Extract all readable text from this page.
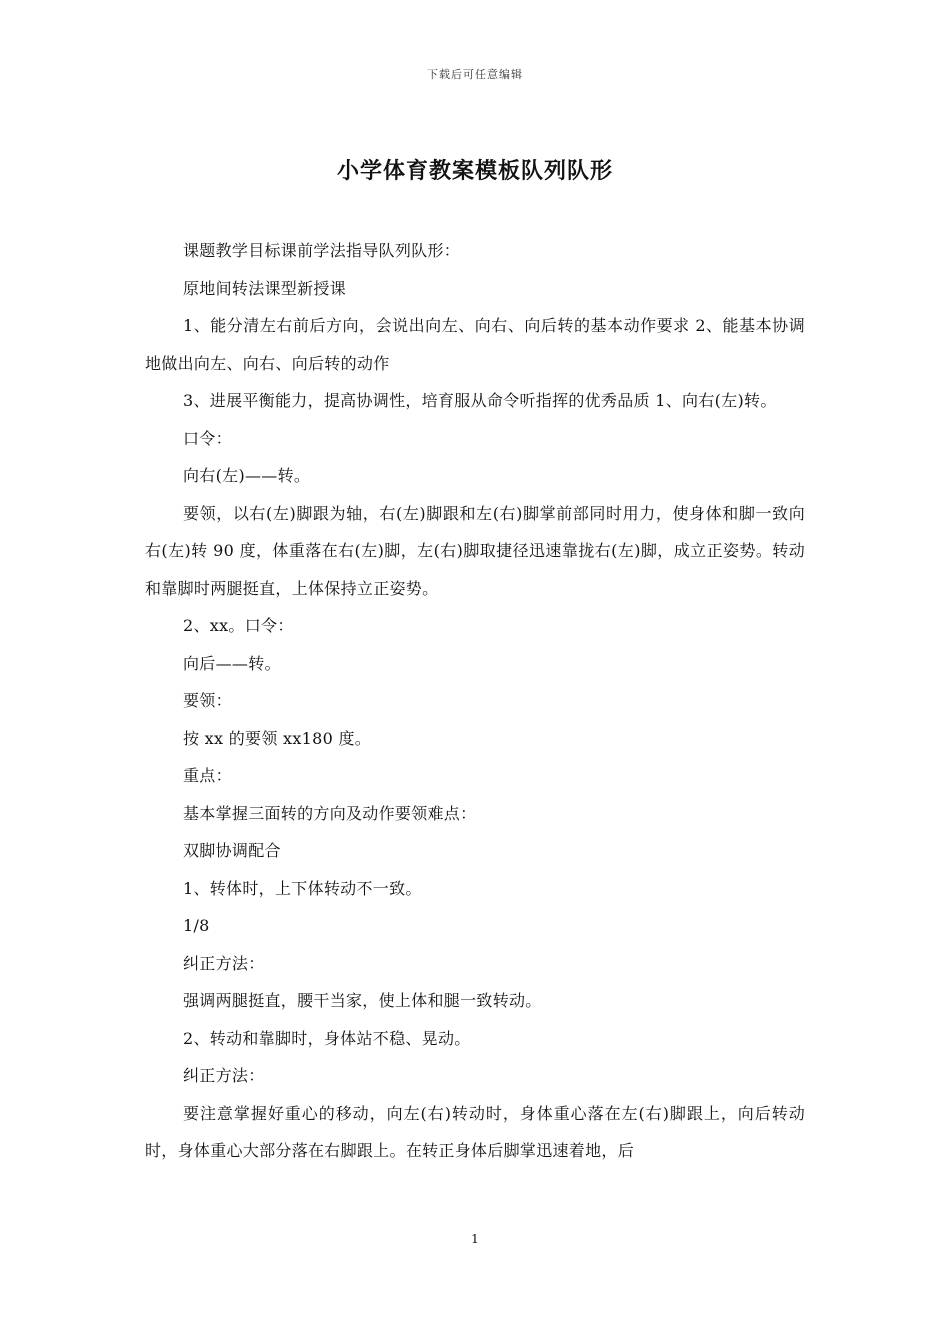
下载后可任意编辑
小学体育教案模板队列队形

课题教学目标课前学法指导队列队形：

原地间转法课型新授课

1、能分清左右前后方向，会说出向左、向右、向后转的基本动作要求 2、能基本协调地做出向左、向右、向后转的动作

3、进展平衡能力，提高协调性，培育服从命令听指挥的优秀品质 1、向右(左)转。

口令：

向右(左)——转。

要领，以右(左)脚跟为轴，右(左)脚跟和左(右)脚掌前部同时用力，使身体和脚一致向右(左)转 90 度，体重落在右(左)脚，左(右)脚取捷径迅速靠拢右(左)脚，成立正姿势。转动和靠脚时两腿挺直，上体保持立正姿势。

2、xx。口令：

向后——转。

要领：

按 xx 的要领 xx180 度。

重点：

基本掌握三面转的方向及动作要领难点：

双脚协调配合

1、转体时，上下体转动不一致。

1/8

纠正方法：

强调两腿挺直，腰干当家，使上体和腿一致转动。

2、转动和靠脚时，身体站不稳、晃动。

纠正方法：

要注意掌握好重心的移动，向左(右)转动时，身体重心落在左(右)脚跟上，向后转动时，身体重心大部分落在右脚跟上。在转正身体后脚掌迅速着地，后

1
